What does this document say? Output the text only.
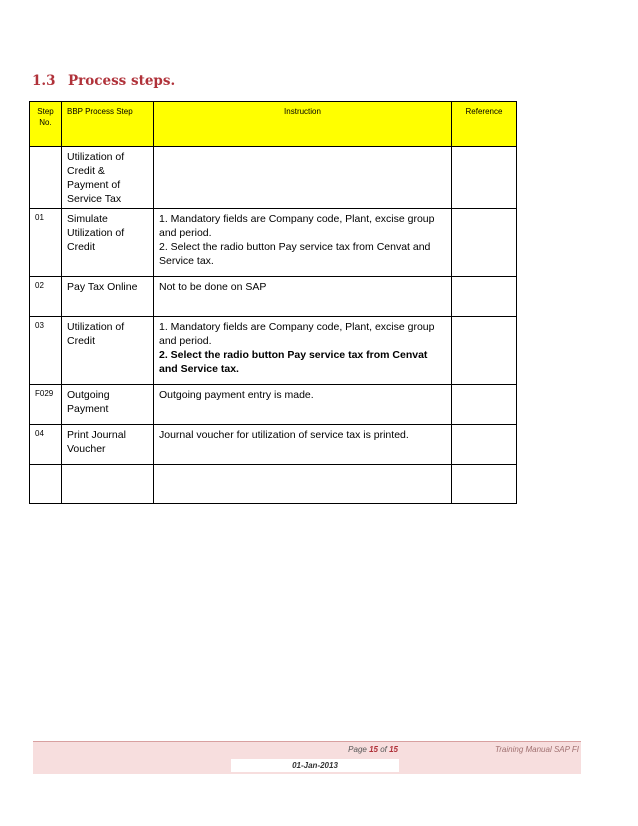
1.3 Process steps.
Step No.	BBP Process Step	Instruction	Reference
	Utilization of Credit & Payment of Service Tax		
01	Simulate Utilization of Credit	1. Mandatory fields are Company code, Plant, excise group and period.
2. Select the radio button Pay service tax from Cenvat and Service tax.	

02	Pay Tax Online	Not to be done on SAP	

03	Utilization of Credit	1. Mandatory fields are Company code, Plant, excise group and period.
2. Select the radio button Pay service tax from Cenvat and Service tax.	

F029	Outgoing Payment	Outgoing payment entry is made.	

04	Print Journal Voucher	Journal voucher for utilization of service tax is printed.	

Page 15 of 15	Training Manual SAP FI
01-Jan-2013
